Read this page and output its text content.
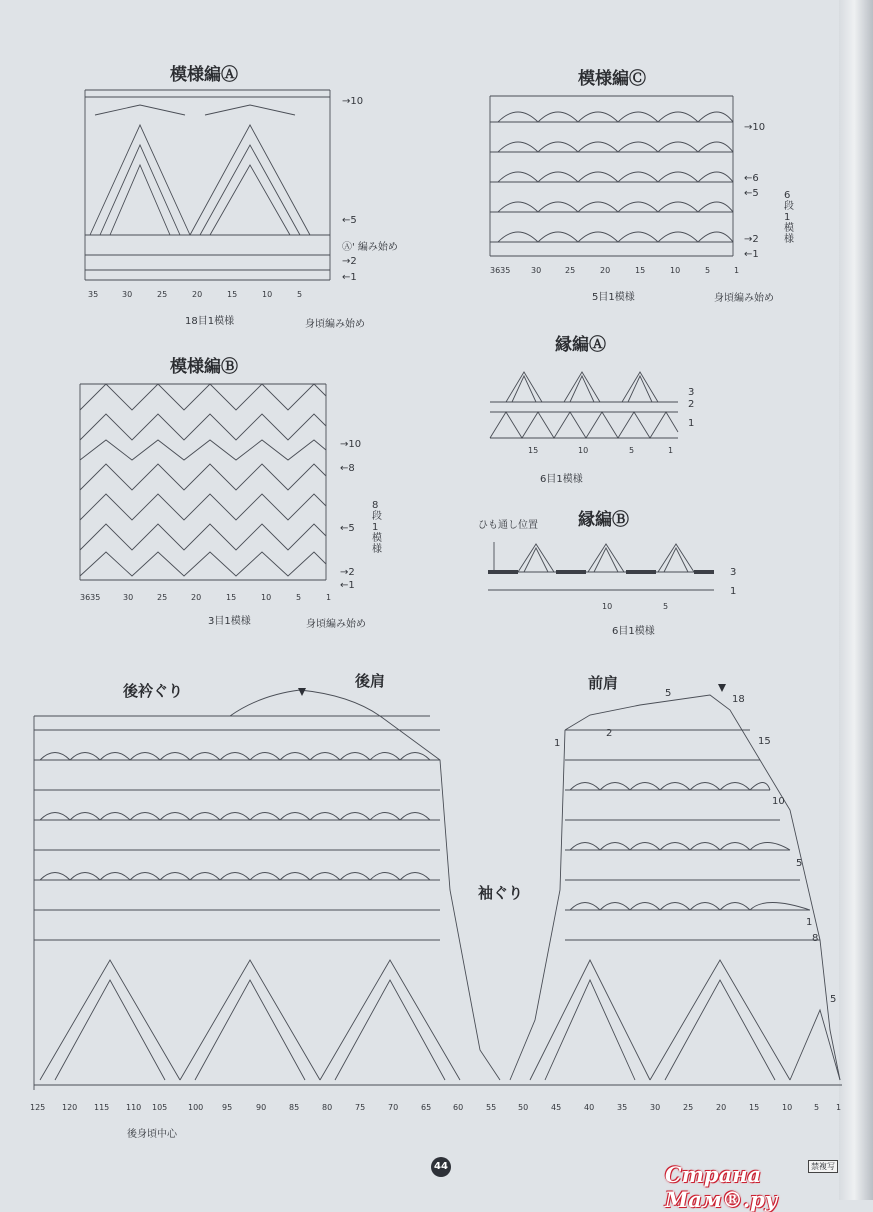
模様編Ⓐ
→10
←5
Ⓐ' 編み始め
→2
←1
35	30	25	20	15	10	5
18目1模様	身頃編み始め
模様編Ⓒ
→10
←6
←5
→2
←1
6段1模様
3635	30	25	20	15	10	5	1
5目1模様	身頃編み始め
模様編Ⓑ
→10
←8
←5
→2
←1
8段1模様
3635	30	25	20	15	10	5	1
3目1模様	身頃編み始め
縁編Ⓐ
3
2
1
15	10	5	1
6目1模様
縁編Ⓑ
ひも通し位置
3
1
10	5
6目1模様
後衿ぐり
後肩	前肩
袖ぐり
5
18
1	15
2
10
5
1
8
5
125 120 115 110 105	100 95	90	85	80	75	70	65	60	55	50	45	40	35	30	25	20	15	10	5 1
後身頃中心
44	Страна Мам®.ру
禁複写
